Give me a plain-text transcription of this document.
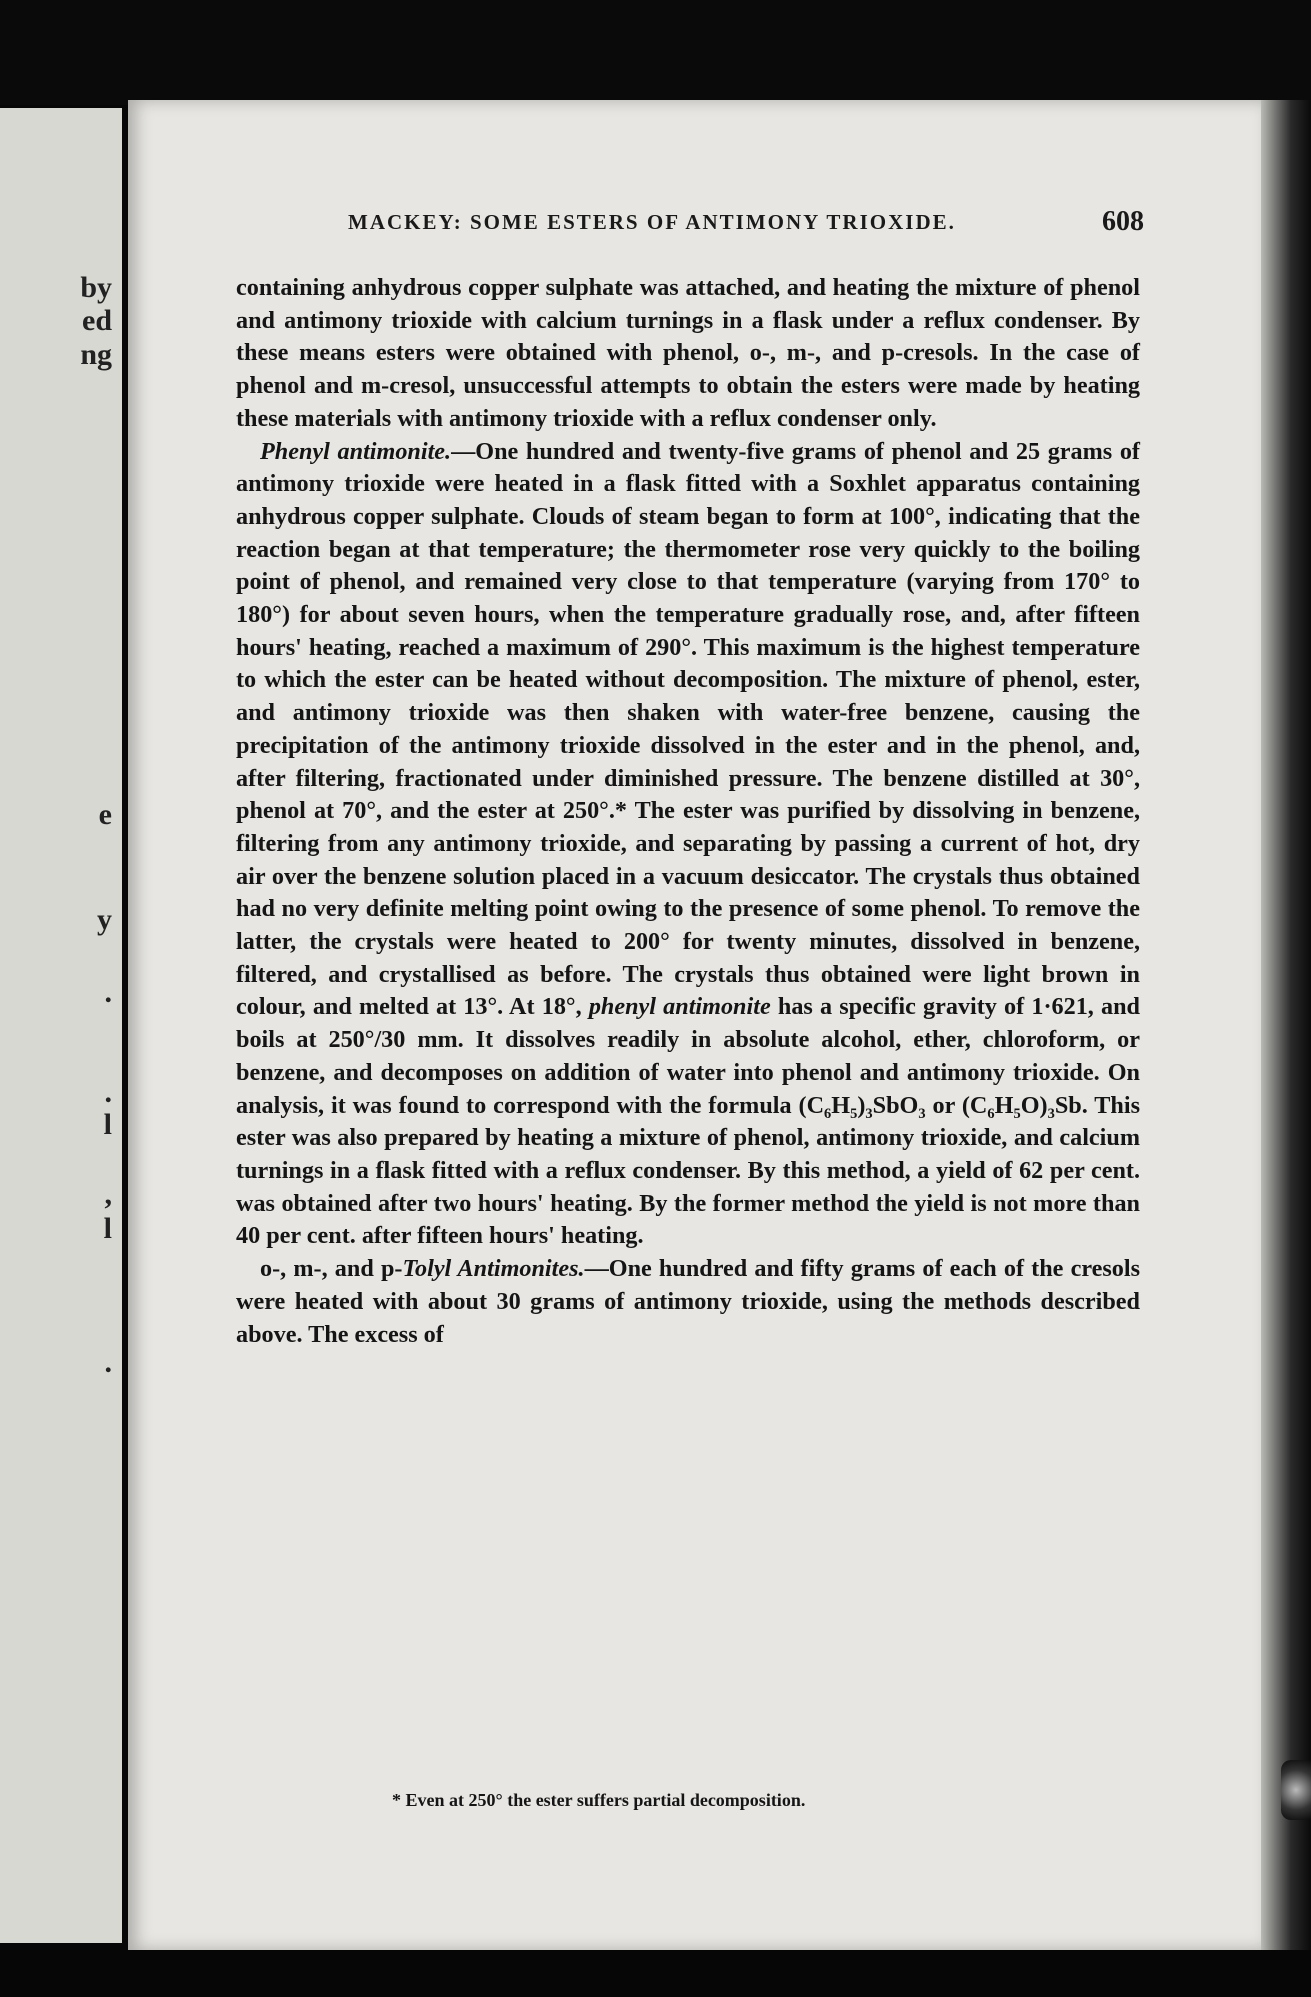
by
ed
ng
e
y
.
.
l
,
l
.
MACKEY: SOME ESTERS OF ANTIMONY TRIOXIDE.	608

containing anhydrous copper sulphate was attached, and heating the mixture of phenol and antimony trioxide with calcium turnings in a flask under a reflux condenser. By these means esters were obtained with phenol, o-, m-, and p-cresols. In the case of phenol and m-cresol, unsuccessful attempts to obtain the esters were made by heating these materials with antimony trioxide with a reflux condenser only.

Phenyl antimonite.—One hundred and twenty-five grams of phenol and 25 grams of antimony trioxide were heated in a flask fitted with a Soxhlet apparatus containing anhydrous copper sulphate. Clouds of steam began to form at 100°, indicating that the reaction began at that temperature; the thermometer rose very quickly to the boiling point of phenol, and remained very close to that temperature (varying from 170° to 180°) for about seven hours, when the temperature gradually rose, and, after fifteen hours' heating, reached a maximum of 290°. This maximum is the highest temperature to which the ester can be heated without decomposition. The mixture of phenol, ester, and antimony trioxide was then shaken with water-free benzene, causing the precipitation of the antimony trioxide dissolved in the ester and in the phenol, and, after filtering, fractionated under diminished pressure. The benzene distilled at 30°, phenol at 70°, and the ester at 250°.* The ester was purified by dissolving in benzene, filtering from any antimony trioxide, and separating by passing a current of hot, dry air over the benzene solution placed in a vacuum desiccator. The crystals thus obtained had no very definite melting point owing to the presence of some phenol. To remove the latter, the crystals were heated to 200° for twenty minutes, dissolved in benzene, filtered, and crystallised as before. The crystals thus obtained were light brown in colour, and melted at 13°. At 18°, phenyl antimonite has a specific gravity of 1·621, and boils at 250°/30 mm. It dissolves readily in absolute alcohol, ether, chloroform, or benzene, and decomposes on addition of water into phenol and antimony trioxide. On analysis, it was found to correspond with the formula (C₆H₅)₃SbO₃ or (C₆H₅O)₃Sb. This ester was also prepared by heating a mixture of phenol, antimony trioxide, and calcium turnings in a flask fitted with a reflux condenser. By this method, a yield of 62 per cent. was obtained after two hours' heating. By the former method the yield is not more than 40 per cent. after fifteen hours' heating.

o-, m-, and p-Tolyl Antimonites.—One hundred and fifty grams of each of the cresols were heated with about 30 grams of antimony trioxide, using the methods described above. The excess of

* Even at 250° the ester suffers partial decomposition.
